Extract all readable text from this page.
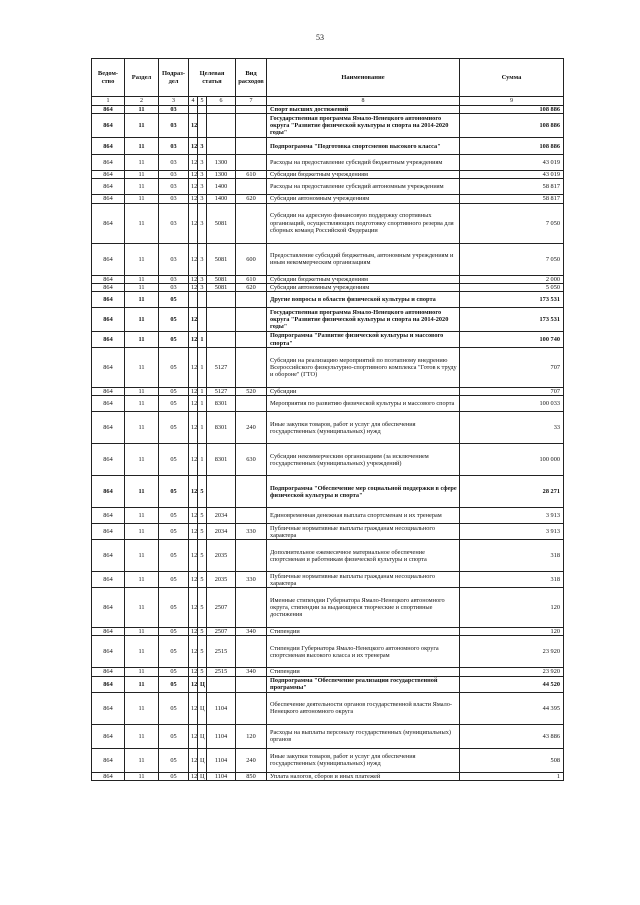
53
Ведом-ство	Раздел	Подраз-дел	Целевая статья			Вид расходов	Наименование	Сумма
1	2	3	4	5	6	7	8	9
864	11	03					Спорт высших достижений	108 886
864	11	03	12				Государственная программа Ямало-Ненецкого автономного округа "Развитие физической культуры и спорта на 2014-2020 годы"	108 886
864	11	03	12	3			Подпрограмма "Подготовка спортсменов высокого класса"	108 886
864	11	03	12	3	1300		Расходы на предоставление субсидий бюджетным учреждениям	43 019
864	11	03	12	3	1300	610	Субсидии бюджетным учреждениям	43 019
864	11	03	12	3	1400		Расходы на предоставление субсидий автономным учреждениям	58 817
864	11	03	12	3	1400	620	Субсидии автономным учреждениям	58 817
864	11	03	12	3	5081		Субсидии на адресную финансовую поддержку спортивных организаций, осуществляющих подготовку спортивного резерва для сборных команд Российской Федерации	7 050
864	11	03	12	3	5081	600	Предоставление субсидий бюджетным, автономным учреждениям и иным некоммерческим организациям	7 050
864	11	03	12	3	5081	610	Субсидии бюджетным учреждениям	2 000
864	11	03	12	3	5081	620	Субсидии автономным учреждениям	5 050
864	11	05					Другие вопросы в области физической культуры и спорта	173 531
864	11	05	12				Государственная программа Ямало-Ненецкого автономного округа "Развитие физической культуры и спорта на 2014-2020 годы"	173 531
864	11	05	12	1			Подпрограмма "Развитие физической культуры и массового спорта"	100 740
864	11	05	12	1	5127		Субсидии на реализацию мероприятий по поэтапному внедрению Всероссийского физкультурно-спортивного комплекса "Готов к труду и обороне" (ГТО)	707
864	11	05	12	1	5127	520	Субсидии	707
864	11	05	12	1	8301		Мероприятия по развитию физической культуры и массового спорта	100 033
864	11	05	12	1	8301	240	Иные закупки товаров, работ и услуг для обеспечения государственных (муниципальных) нужд	33
864	11	05	12	1	8301	630	Субсидии некоммерческим организациям (за исключением государственных (муниципальных) учреждений)	100 000
864	11	05	12	5			Подпрограмма "Обеспечение мер социальной поддержки в сфере физической культуры и спорта"	28 271
864	11	05	12	5	2034		Единовременная денежная выплата спортсменам и их тренерам	3 913
864	11	05	12	5	2034	330	Публичные нормативные выплаты гражданам несоциального характера	3 913
864	11	05	12	5	2035		Дополнительное ежемесячное материальное обеспечение спортсменам и работникам физической культуры и спорта	318
864	11	05	12	5	2035	330	Публичные нормативные выплаты гражданам несоциального характера	318
864	11	05	12	5	2507		Именные стипендии Губернатора Ямало-Ненецкого автономного округа, стипендии за выдающиеся творческие и спортивные достижения	120
864	11	05	12	5	2507	340	Стипендии	120
864	11	05	12	5	2515		Стипендии Губернатора Ямало-Ненецкого автономного округа спортсменам высокого класса и их тренерам	23 920
864	11	05	12	5	2515	340	Стипендии	23 920
864	11	05	12	Ц			Подпрограмма "Обеспечение реализации государственной программы"	44 520
864	11	05	12	Ц	1104		Обеспечение деятельности органов государственной власти Ямало-Ненецкого автономного округа	44 395
864	11	05	12	Ц	1104	120	Расходы на выплаты персоналу государственных (муниципальных) органов	43 886
864	11	05	12	Ц	1104	240	Иные закупки товаров, работ и услуг для обеспечения государственных (муниципальных) нужд	508
864	11	05	12	Ц	1104	850	Уплата налогов, сборов и иных платежей	1
